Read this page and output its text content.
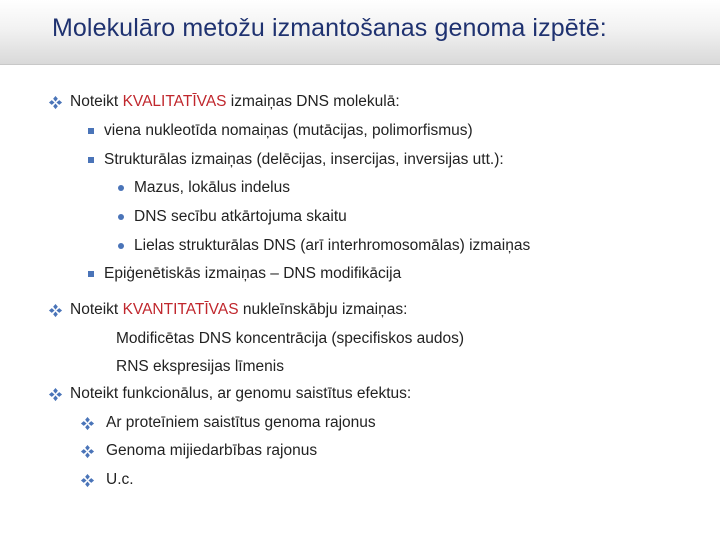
Molekulāro metožu izmantošanas genoma izpētē:
Noteikt KVALITATĪVAS izmaiņas DNS molekulā:
viena nukleotīda nomaiņas (mutācijas, polimorfismus)
Strukturālas izmaiņas (delēcijas, insercijas, inversijas utt.):
Mazus, lokālus indelus
DNS secību atkārtojuma skaitu
Lielas strukturālas DNS (arī interhromosomālas) izmaiņas
Epiģenētiskās izmaiņas – DNS modifikācija
Noteikt KVANTITATĪVAS nukleīnskābju izmaiņas:
Modificētas DNS koncentrācija (specifiskos audos)
RNS ekspresijas līmenis
Noteikt funkcionālus, ar genomu saistītus efektus:
Ar proteīniem saistītus genoma rajonus
Genoma mijiedarbības rajonus
U.c.
